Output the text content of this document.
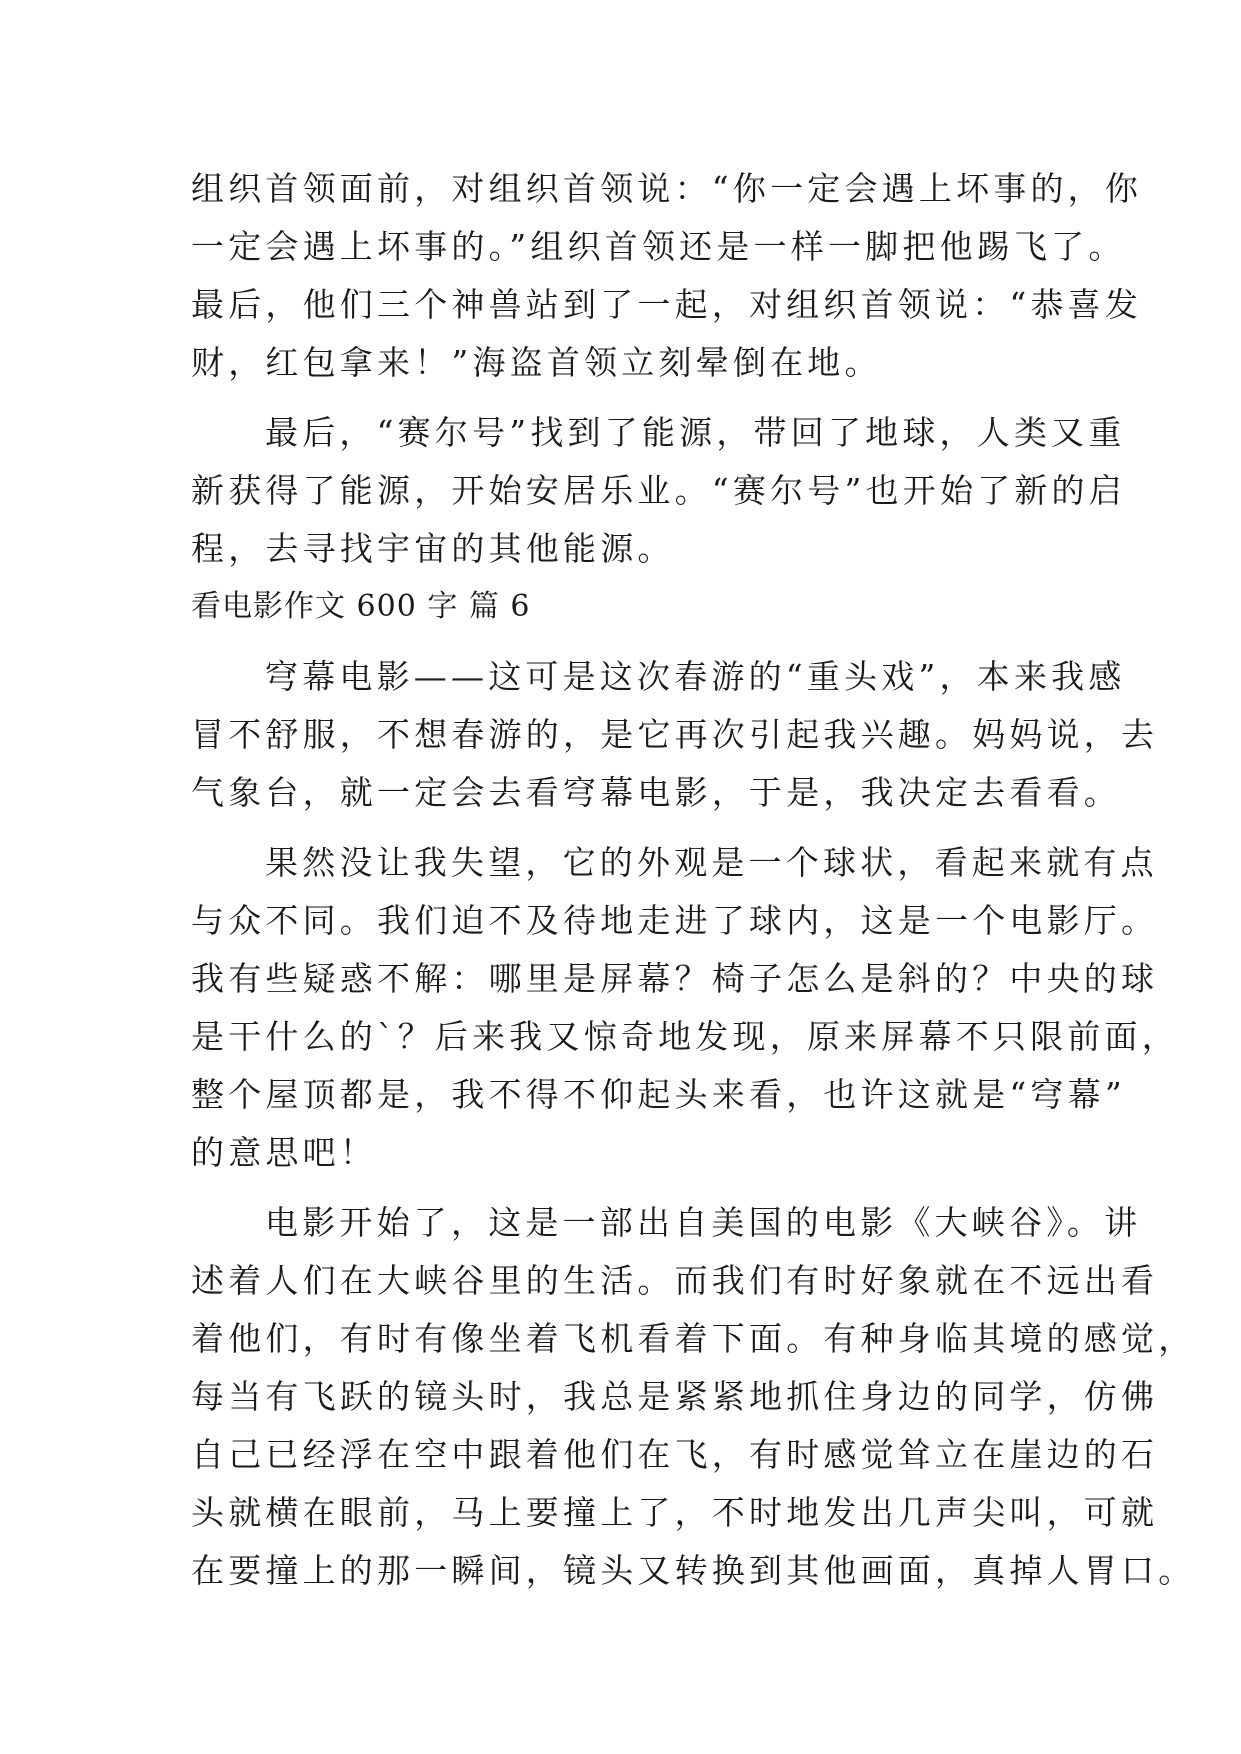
组织首领面前，对组织首领说：“你一定会遇上坏事的，你
一定会遇上坏事的。”组织首领还是一样一脚把他踢飞了。
最后，他们三个神兽站到了一起，对组织首领说：“恭喜发
财，红包拿来！”海盗首领立刻晕倒在地。
最后，“赛尔号”找到了能源，带回了地球，人类又重
新获得了能源，开始安居乐业。“赛尔号”也开始了新的启
程，去寻找宇宙的其他能源。
看电影作文 600 字 篇 6
穹幕电影——这可是这次春游的“重头戏”，本来我感
冒不舒服，不想春游的，是它再次引起我兴趣。妈妈说，去
气象台，就一定会去看穹幕电影，于是，我决定去看看。
果然没让我失望，它的外观是一个球状，看起来就有点
与众不同。我们迫不及待地走进了球内，这是一个电影厅。
我有些疑惑不解：哪里是屏幕？椅子怎么是斜的？中央的球
是干什么的`？后来我又惊奇地发现，原来屏幕不只限前面，
整个屋顶都是，我不得不仰起头来看，也许这就是“穹幕”
的意思吧！
电影开始了，这是一部出自美国的电影《大峡谷》。讲
述着人们在大峡谷里的生活。而我们有时好象就在不远出看
着他们，有时有像坐着飞机看着下面。有种身临其境的感觉，
每当有飞跃的镜头时，我总是紧紧地抓住身边的同学，仿佛
自己已经浮在空中跟着他们在飞，有时感觉耸立在崖边的石
头就横在眼前，马上要撞上了，不时地发出几声尖叫，可就
在要撞上的那一瞬间，镜头又转换到其他画面，真掉人胃口。
